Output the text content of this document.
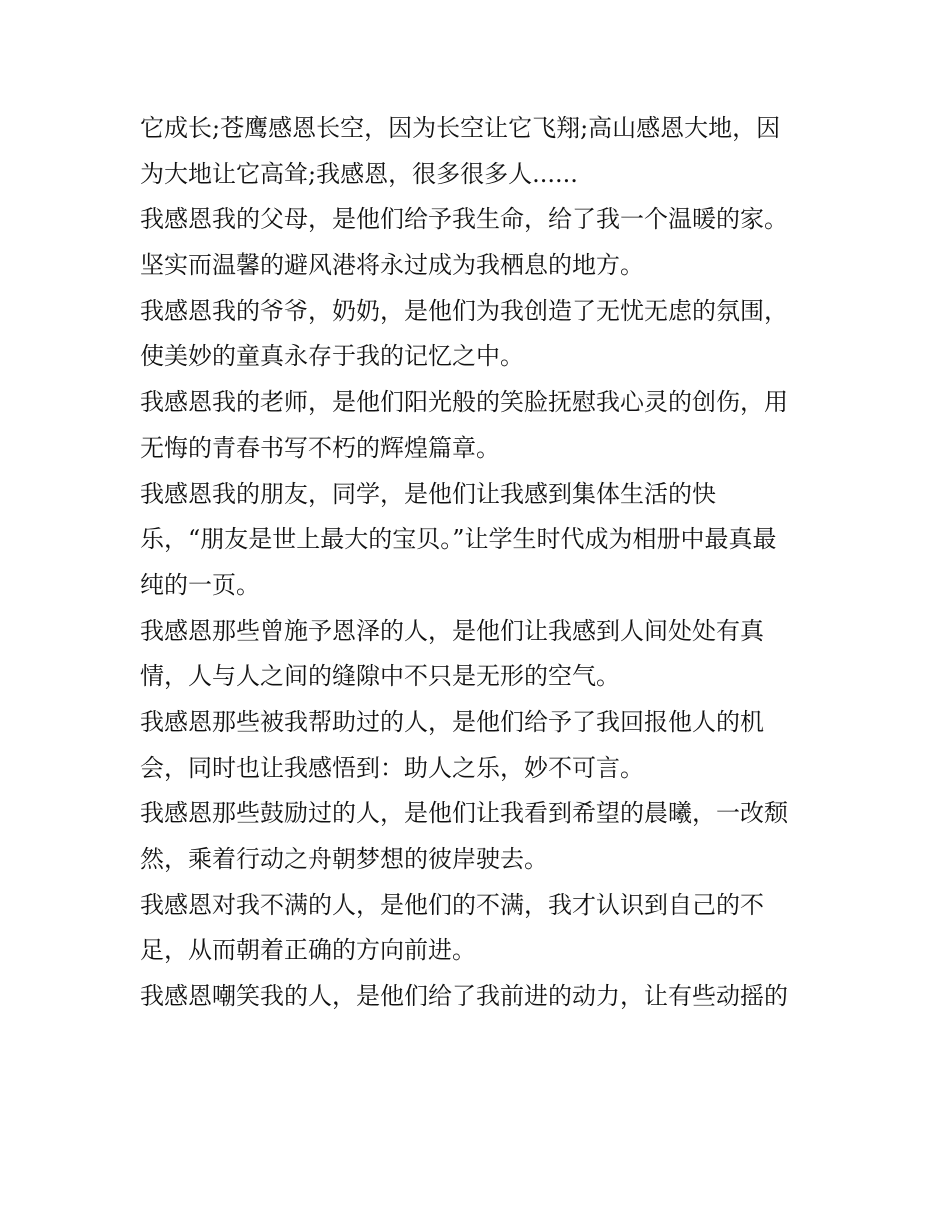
它成长;苍鹰感恩长空，因为长空让它飞翔;高山感恩大地，因
为大地让它高耸;我感恩，很多很多人......
我感恩我的父母，是他们给予我生命，给了我一个温暖的家。
坚实而温馨的避风港将永过成为我栖息的地方。
我感恩我的爷爷，奶奶，是他们为我创造了无忧无虑的氛围，
使美妙的童真永存于我的记忆之中。
我感恩我的老师，是他们阳光般的笑脸抚慰我心灵的创伤，用
无悔的青春书写不朽的辉煌篇章。
我感恩我的朋友，同学，是他们让我感到集体生活的快
乐，“朋友是世上最大的宝贝。”让学生时代成为相册中最真最
纯的一页。
我感恩那些曾施予恩泽的人，是他们让我感到人间处处有真
情，人与人之间的缝隙中不只是无形的空气。
我感恩那些被我帮助过的人，是他们给予了我回报他人的机
会，同时也让我感悟到：助人之乐，妙不可言。
我感恩那些鼓励过的人，是他们让我看到希望的晨曦，一改颓
然，乘着行动之舟朝梦想的彼岸驶去。
我感恩对我不满的人，是他们的不满，我才认识到自己的不
足，从而朝着正确的方向前进。
我感恩嘲笑我的人，是他们给了我前进的动力，让有些动摇的
